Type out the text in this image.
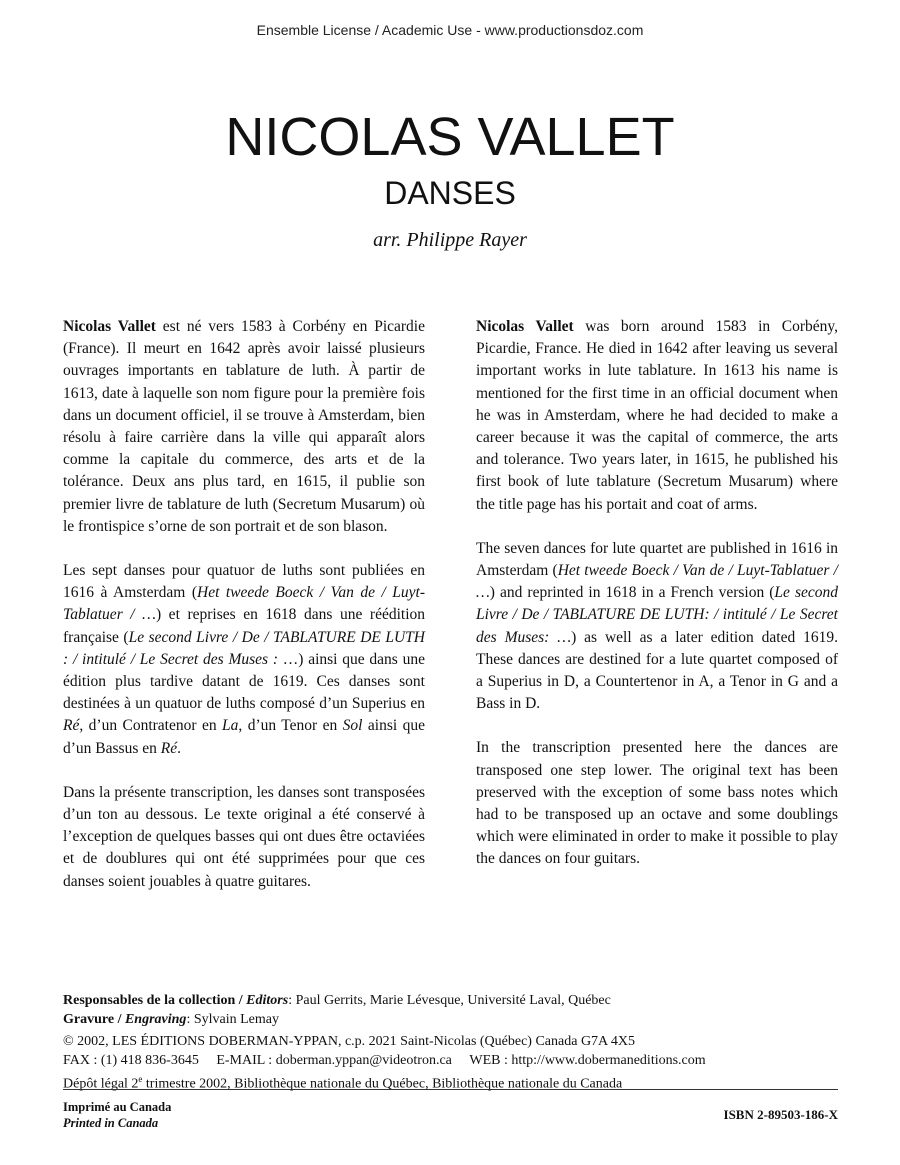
Ensemble License / Academic Use - www.productionsdoz.com
NICOLAS VALLET
DANSES
arr. Philippe Rayer

Nicolas Vallet est né vers 1583 à Corbény en Picardie (France). Il meurt en 1642 après avoir laissé plusieurs ouvrages importants en tablature de luth. À partir de 1613, date à laquelle son nom figure pour la première fois dans un document officiel, il se trouve à Amsterdam, bien résolu à faire carrière dans la ville qui apparaît alors comme la capitale du commerce, des arts et de la tolérance. Deux ans plus tard, en 1615, il publie son premier livre de tablature de luth (Secretum Musarum) où le frontispice s’orne de son portrait et de son blason.

Les sept danses pour quatuor de luths sont publiées en 1616 à Amsterdam (Het tweede Boeck / Van de / Luyt-Tablatuer / …) et reprises en 1618 dans une réédition française (Le second Livre / De / TABLATURE DE LUTH : / intitulé / Le Secret des Muses : …) ainsi que dans une édition plus tardive datant de 1619. Ces danses sont destinées à un quatuor de luths composé d’un Superius en Ré, d’un Contratenor en La, d’un Tenor en Sol ainsi que d’un Bassus en Ré.

Dans la présente transcription, les danses sont transposées d’un ton au dessous. Le texte original a été conservé à l’exception de quelques basses qui ont dues être octaviées et de doublures qui ont été supprimées pour que ces danses soient jouables à quatre guitares.

Nicolas Vallet was born around 1583 in Corbény, Picardie, France. He died in 1642 after leaving us several important works in lute tablature. In 1613 his name is mentioned for the first time in an official document when he was in Amsterdam, where he had decided to make a career because it was the capital of commerce, the arts and tolerance. Two years later, in 1615, he published his first book of lute tablature (Secretum Musarum) where the title page has his portait and coat of arms.

The seven dances for lute quartet are published in 1616 in Amsterdam (Het tweede Boeck / Van de / Luyt-Tablatuer / …) and reprinted in 1618 in a French version (Le second Livre / De / TABLATURE DE LUTH: / intitulé / Le Secret des Muses: …) as well as a later edition dated 1619. These dances are destined for a lute quartet composed of a Superius in D, a Countertenor in A, a Tenor in G and a Bass in D.

In the transcription presented here the dances are transposed one step lower. The original text has been preserved with the exception of some bass notes which had to be transposed up an octave and some doublings which were eliminated in order to make it possible to play the dances on four guitars.

Responsables de la collection / Editors: Paul Gerrits, Marie Lévesque, Université Laval, Québec
Gravure / Engraving: Sylvain Lemay
© 2002, LES ÉDITIONS DOBERMAN-YPPAN, c.p. 2021 Saint-Nicolas (Québec) Canada G7A 4X5
FAX : (1) 418 836-3645 E-MAIL : doberman.yppan@videotron.ca WEB : http://www.dobermaneditions.com
Dépôt légal 2e trimestre 2002, Bibliothèque nationale du Québec, Bibliothèque nationale du Canada
Imprimé au Canada
Printed in Canada
ISBN 2-89503-186-X
